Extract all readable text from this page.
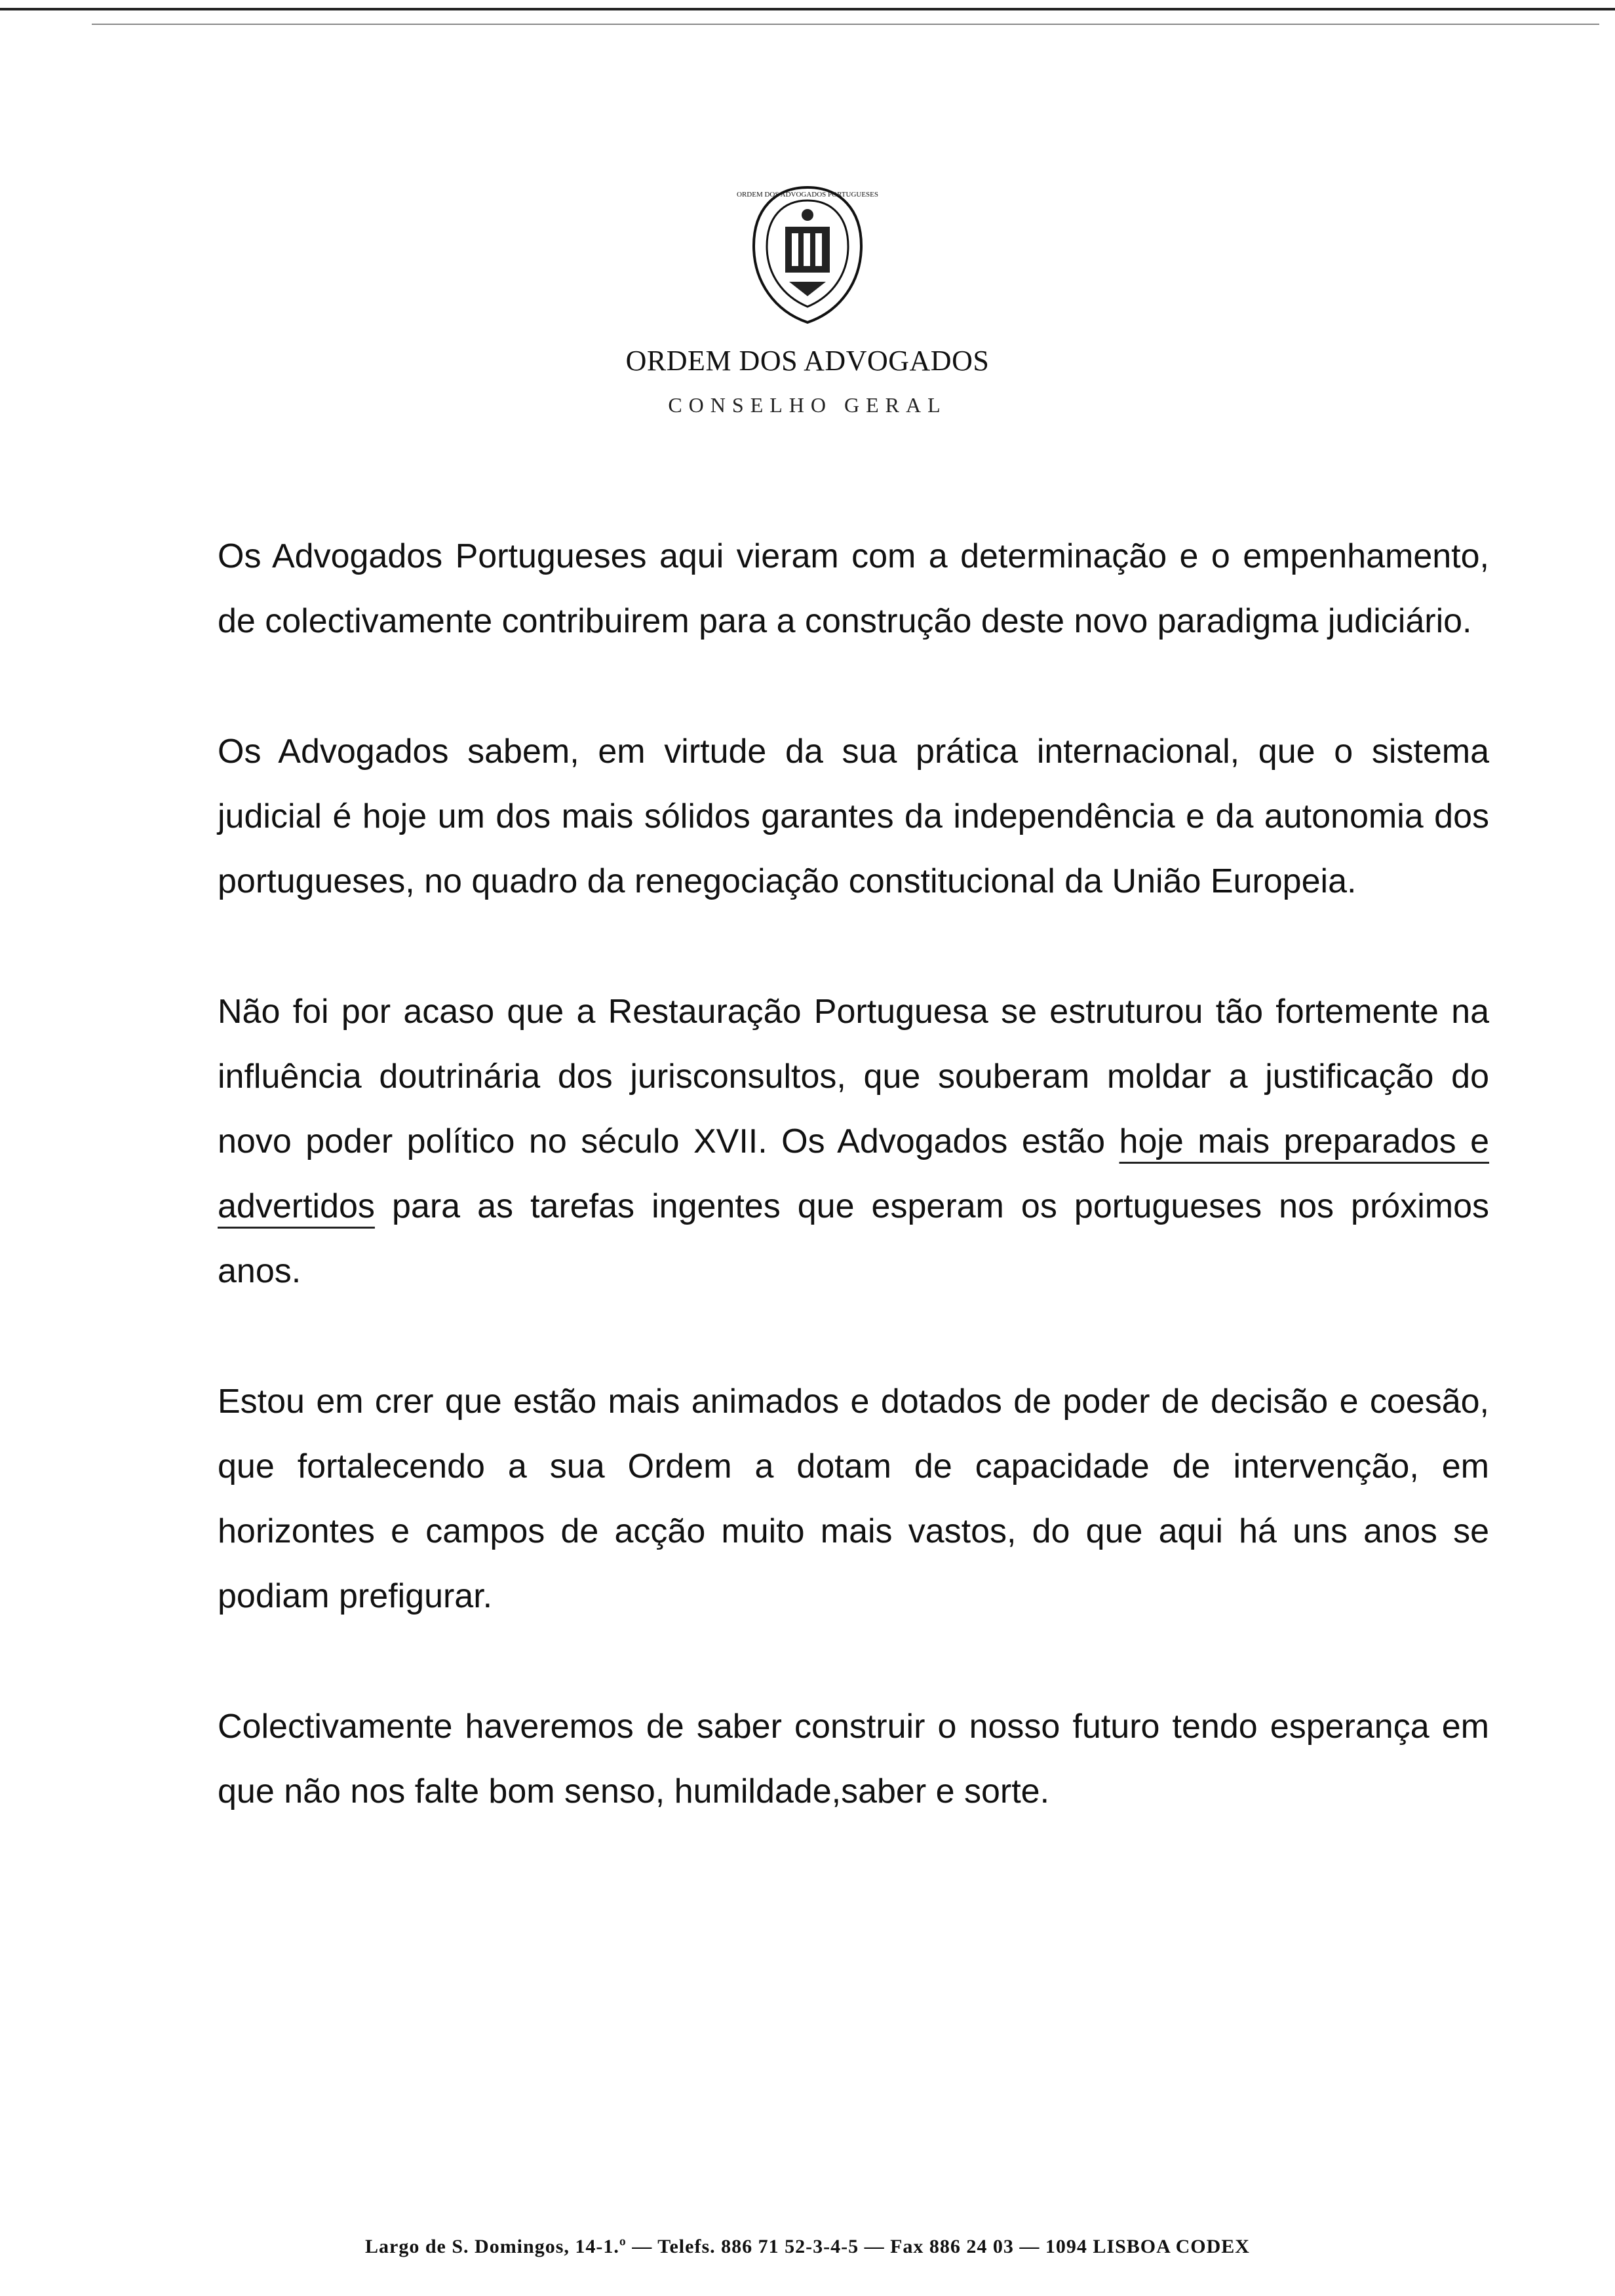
ORDEM DOS ADVOGADOS PORTUGUESES
ORDEM DOS ADVOGADOS
CONSELHO GERAL

Os Advogados Portugueses aqui vieram com a determinação e o empenhamento, de colectivamente contribuirem para a construção deste novo paradigma judiciário.

Os Advogados sabem, em virtude da sua prática internacional, que o sistema judicial é hoje um dos mais sólidos garantes da independência e da autonomia dos portugueses, no quadro da renegociação constitucional da União Europeia.

Não foi por acaso que a Restauração Portuguesa se estruturou tão fortemente na influência doutrinária dos jurisconsultos, que souberam moldar a justificação do novo poder político no século XVII. Os Advogados estão hoje mais preparados e advertidos para as tarefas ingentes que esperam os portugueses nos próximos anos.

Estou em crer que estão mais animados e dotados de poder de decisão e coesão, que fortalecendo a sua Ordem a dotam de capacidade de intervenção, em horizontes e campos de acção muito mais vastos, do que aqui há uns anos se podiam prefigurar.

Colectivamente haveremos de saber construir o nosso futuro tendo esperança em que não nos falte bom senso, humildade,saber e sorte.

Largo de S. Domingos, 14-1.º — Telefs. 886 71 52-3-4-5 — Fax 886 24 03 — 1094 LISBOA CODEX
